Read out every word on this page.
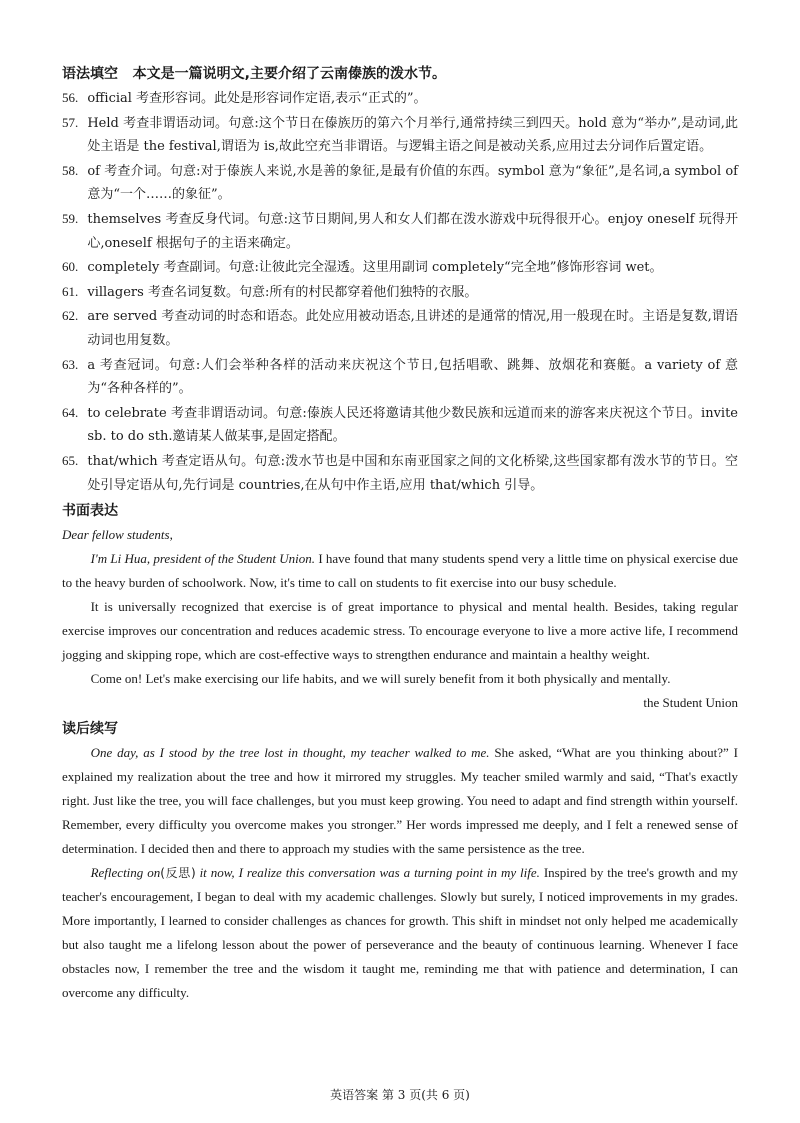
语法填空 本文是一篇说明文,主要介绍了云南傣族的泼水节。

56. official 考查形容词。此处是形容词作定语,表示“正式的”。

57. Held 考查非谓语动词。句意:这个节日在傣族历的第六个月举行,通常持续三到四天。hold 意为“举办”,是动词,此处主语是 the festival,谓语为 is,故此空充当非谓语。与逻辑主语之间是被动关系,应用过去分词作后置定语。

58. of 考查介词。句意:对于傣族人来说,水是善的象征,是最有价值的东西。symbol 意为“象征”,是名词,a symbol of 意为“一个……的象征”。

59. themselves 考查反身代词。句意:这节日期间,男人和女人们都在泼水游戏中玩得很开心。enjoy oneself 玩得开心,oneself 根据句子的主语来确定。

60. completely 考查副词。句意:让彼此完全湿透。这里用副词 completely“完全地”修饰形容词 wet。

61. villagers 考查名词复数。句意:所有的村民都穿着他们独特的衣服。

62. are served 考查动词的时态和语态。此处应用被动语态,且讲述的是通常的情况,用一般现在时。主语是复数,谓语动词也用复数。

63. a 考查冠词。句意:人们会举种各样的活动来庆祝这个节日,包括唱歌、跳舞、放烟花和赛艇。a variety of 意为“各种各样的”。

64. to celebrate 考查非谓语动词。句意:傣族人民还将邀请其他少数民族和远道而来的游客来庆祝这个节日。invite sb. to do sth.邀请某人做某事,是固定搭配。

65. that/which 考查定语从句。句意:泼水节也是中国和东南亚国家之间的文化桥梁,这些国家都有泼水节的节日。空处引导定语从句,先行词是 countries,在从句中作主语,应用 that/which 引导。

书面表达

Dear fellow students,

I'm Li Hua, president of the Student Union. I have found that many students spend very a little time on physical exercise due to the heavy burden of schoolwork. Now, it's time to call on students to fit exercise into our busy schedule.

It is universally recognized that exercise is of great importance to physical and mental health. Besides, taking regular exercise improves our concentration and reduces academic stress. To encourage everyone to live a more active life, I recommend jogging and skipping rope, which are cost-effective ways to strengthen endurance and maintain a healthy weight.

Come on! Let's make exercising our life habits, and we will surely benefit from it both physically and mentally.

the Student Union

读后续写

One day, as I stood by the tree lost in thought, my teacher walked to me. She asked, “What are you thinking about?” I explained my realization about the tree and how it mirrored my struggles. My teacher smiled warmly and said, “That's exactly right. Just like the tree, you will face challenges, but you must keep growing. You need to adapt and find strength within yourself. Remember, every difficulty you overcome makes you stronger.” Her words impressed me deeply, and I felt a renewed sense of determination. I decided then and there to approach my studies with the same persistence as the tree.

Reflecting on(反思) it now, I realize this conversation was a turning point in my life. Inspired by the tree's growth and my teacher's encouragement, I began to deal with my academic challenges. Slowly but surely, I noticed improvements in my grades. More importantly, I learned to consider challenges as chances for growth. This shift in mindset not only helped me academically but also taught me a lifelong lesson about the power of perseverance and the beauty of continuous learning. Whenever I face obstacles now, I remember the tree and the wisdom it taught me, reminding me that with patience and determination, I can overcome any difficulty.

英语答案 第 3 页(共 6 页)
